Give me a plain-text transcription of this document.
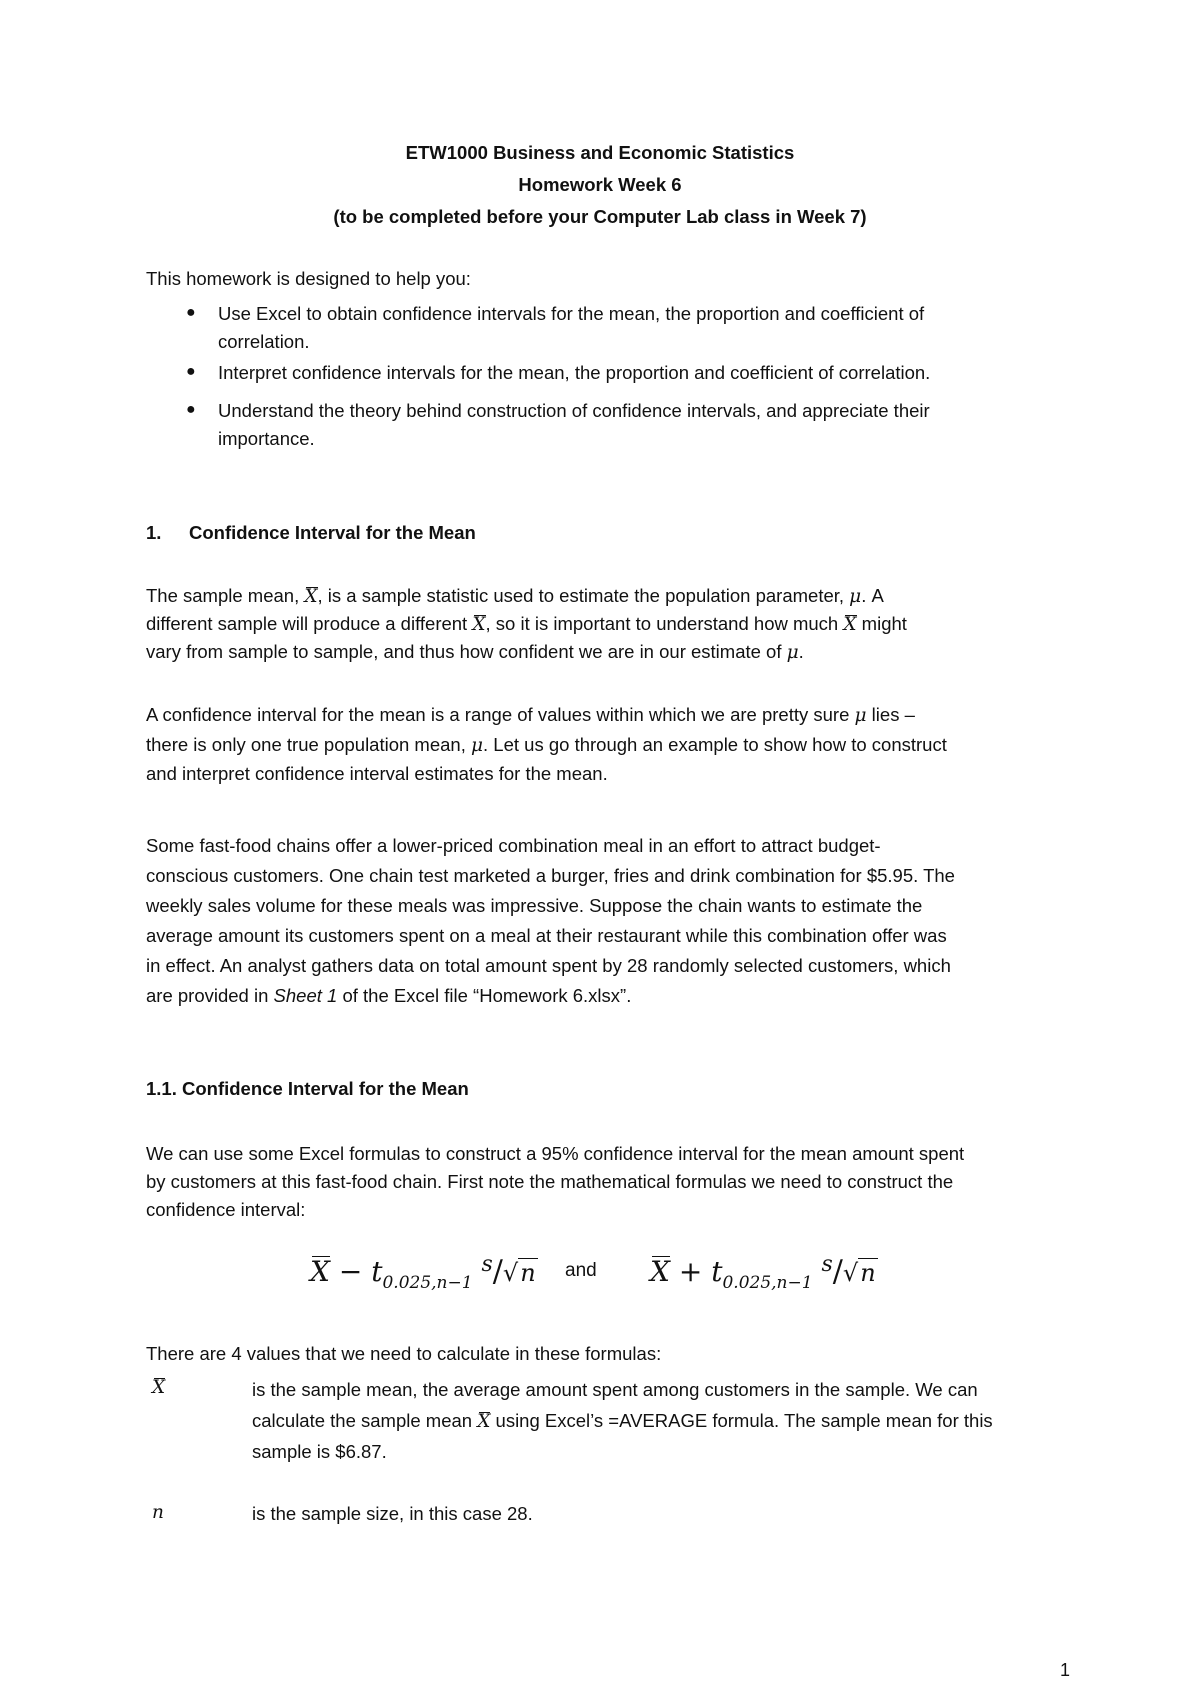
ETW1000 Business and Economic Statistics
Homework Week 6
(to be completed before your Computer Lab class in Week 7)
This homework is designed to help you:
● Use Excel to obtain confidence intervals for the mean, the proportion and coefficient of
correlation.
● Interpret confidence intervals for the mean, the proportion and coefficient of correlation.
● Understand the theory behind construction of confidence intervals, and appreciate their
importance.
1. Confidence Interval for the Mean
The sample mean, X, is a sample statistic used to estimate the population parameter, μ. A
different sample will produce a different X, so it is important to understand how much X might
vary from sample to sample, and thus how confident we are in our estimate of μ.
A confidence interval for the mean is a range of values within which we are pretty sure μ lies –
there is only one true population mean, μ. Let us go through an example to show how to construct
and interpret confidence interval estimates for the mean.
Some fast-food chains offer a lower-priced combination meal in an effort to attract budget-
conscious customers. One chain test marketed a burger, fries and drink combination for $5.95. The
weekly sales volume for these meals was impressive. Suppose the chain wants to estimate the
average amount its customers spent on a meal at their restaurant while this combination offer was
in effect. An analyst gathers data on total amount spent by 28 randomly selected customers, which
are provided in Sheet 1 of the Excel file “Homework 6.xlsx”.
1.1. Confidence Interval for the Mean
We can use some Excel formulas to construct a 95% confidence interval for the mean amount spent
by customers at this fast-food chain. First note the mathematical formulas we need to construct the
confidence interval:
$X - t_{0.025,n-1}$ $^s$/√n and $X + t_{0.025,n-1}$ $^s$/√n
There are 4 values that we need to calculate in these formulas:
X	is the sample mean, the average amount spent among customers in the sample. We can
calculate the sample mean X using Excel’s =AVERAGE formula. The sample mean for this
sample is $6.87.
n	is the sample size, in this case 28.
1
